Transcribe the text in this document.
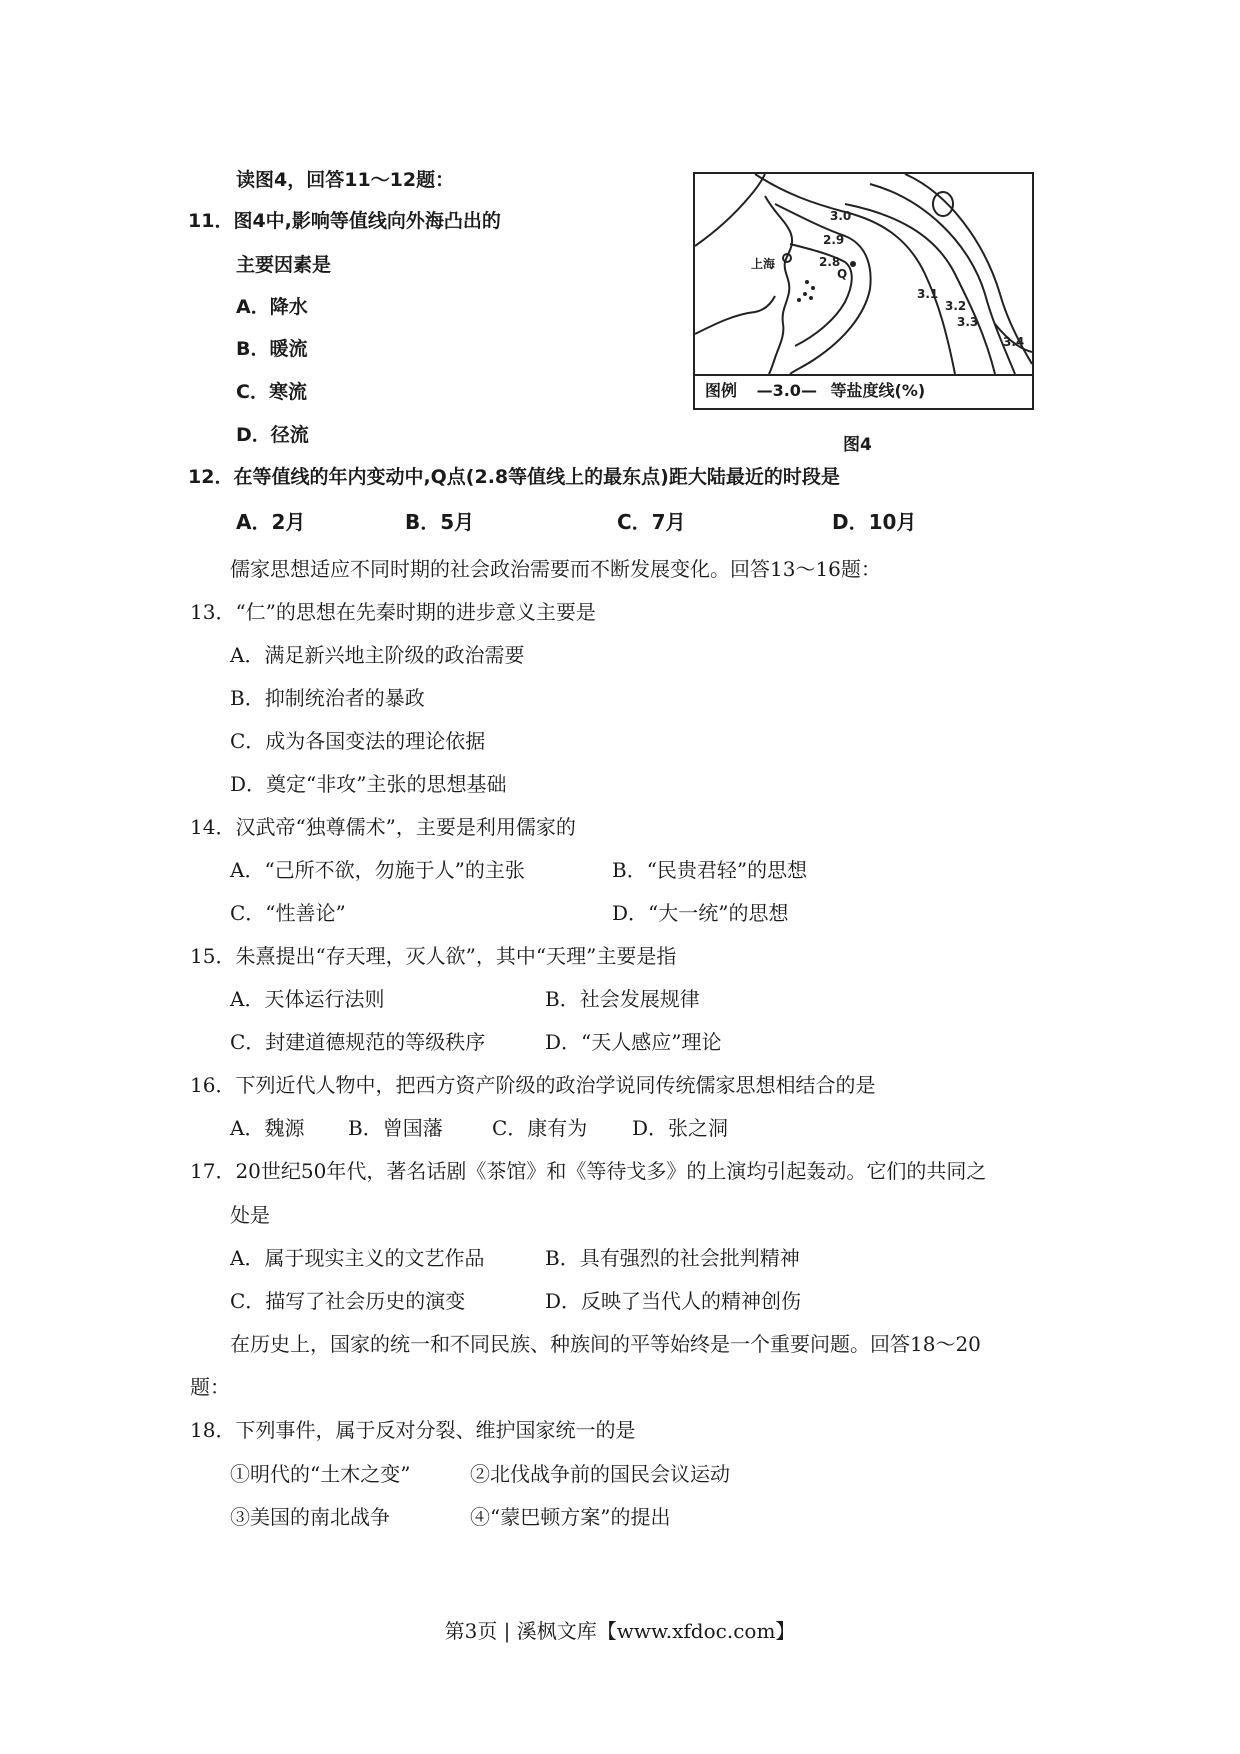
读图4，回答11～12题：
11．图4中,影响等值线向外海凸出的
主要因素是
A．降水
B．暖流
C．寒流
D．径流
上海
Q
3.0
2.9
2.8
3.1
3.2
3.3
3.4
图例 —3.0— 等盐度线(%)
图4
12．在等值线的年内变动中,Q点(2.8等值线上的最东点)距大陆最近的时段是
A．2月	B．5月	C．7月	D．10月
儒家思想适应不同时期的社会政治需要而不断发展变化。回答13～16题：
13．“仁”的思想在先秦时期的进步意义主要是
A．满足新兴地主阶级的政治需要
B．抑制统治者的暴政
C．成为各国变法的理论依据
D．奠定“非攻”主张的思想基础
14．汉武帝“独尊儒术”，主要是利用儒家的
A．“己所不欲，勿施于人”的主张	B．“民贵君轻”的思想
C．“性善论”	D．“大一统”的思想
15．朱熹提出“存天理，灭人欲”，其中“天理”主要是指
A．天体运行法则	B．社会发展规律
C．封建道德规范的等级秩序	D．“天人感应”理论
16．下列近代人物中，把西方资产阶级的政治学说同传统儒家思想相结合的是
A．魏源 B．曾国藩 C．康有为 D．张之洞
17．20世纪50年代，著名话剧《茶馆》和《等待戈多》的上演均引起轰动。它们的共同之
处是
A．属于现实主义的文艺作品	B．具有强烈的社会批判精神
C．描写了社会历史的演变	D．反映了当代人的精神创伤
在历史上，国家的统一和不同民族、种族间的平等始终是一个重要问题。回答18～20
题：
18．下列事件，属于反对分裂、维护国家统一的是
①明代的“土木之变”	②北伐战争前的国民会议运动
③美国的南北战争	④“蒙巴顿方案”的提出
第3页 | 溪枫文库【www.xfdoc.com】
